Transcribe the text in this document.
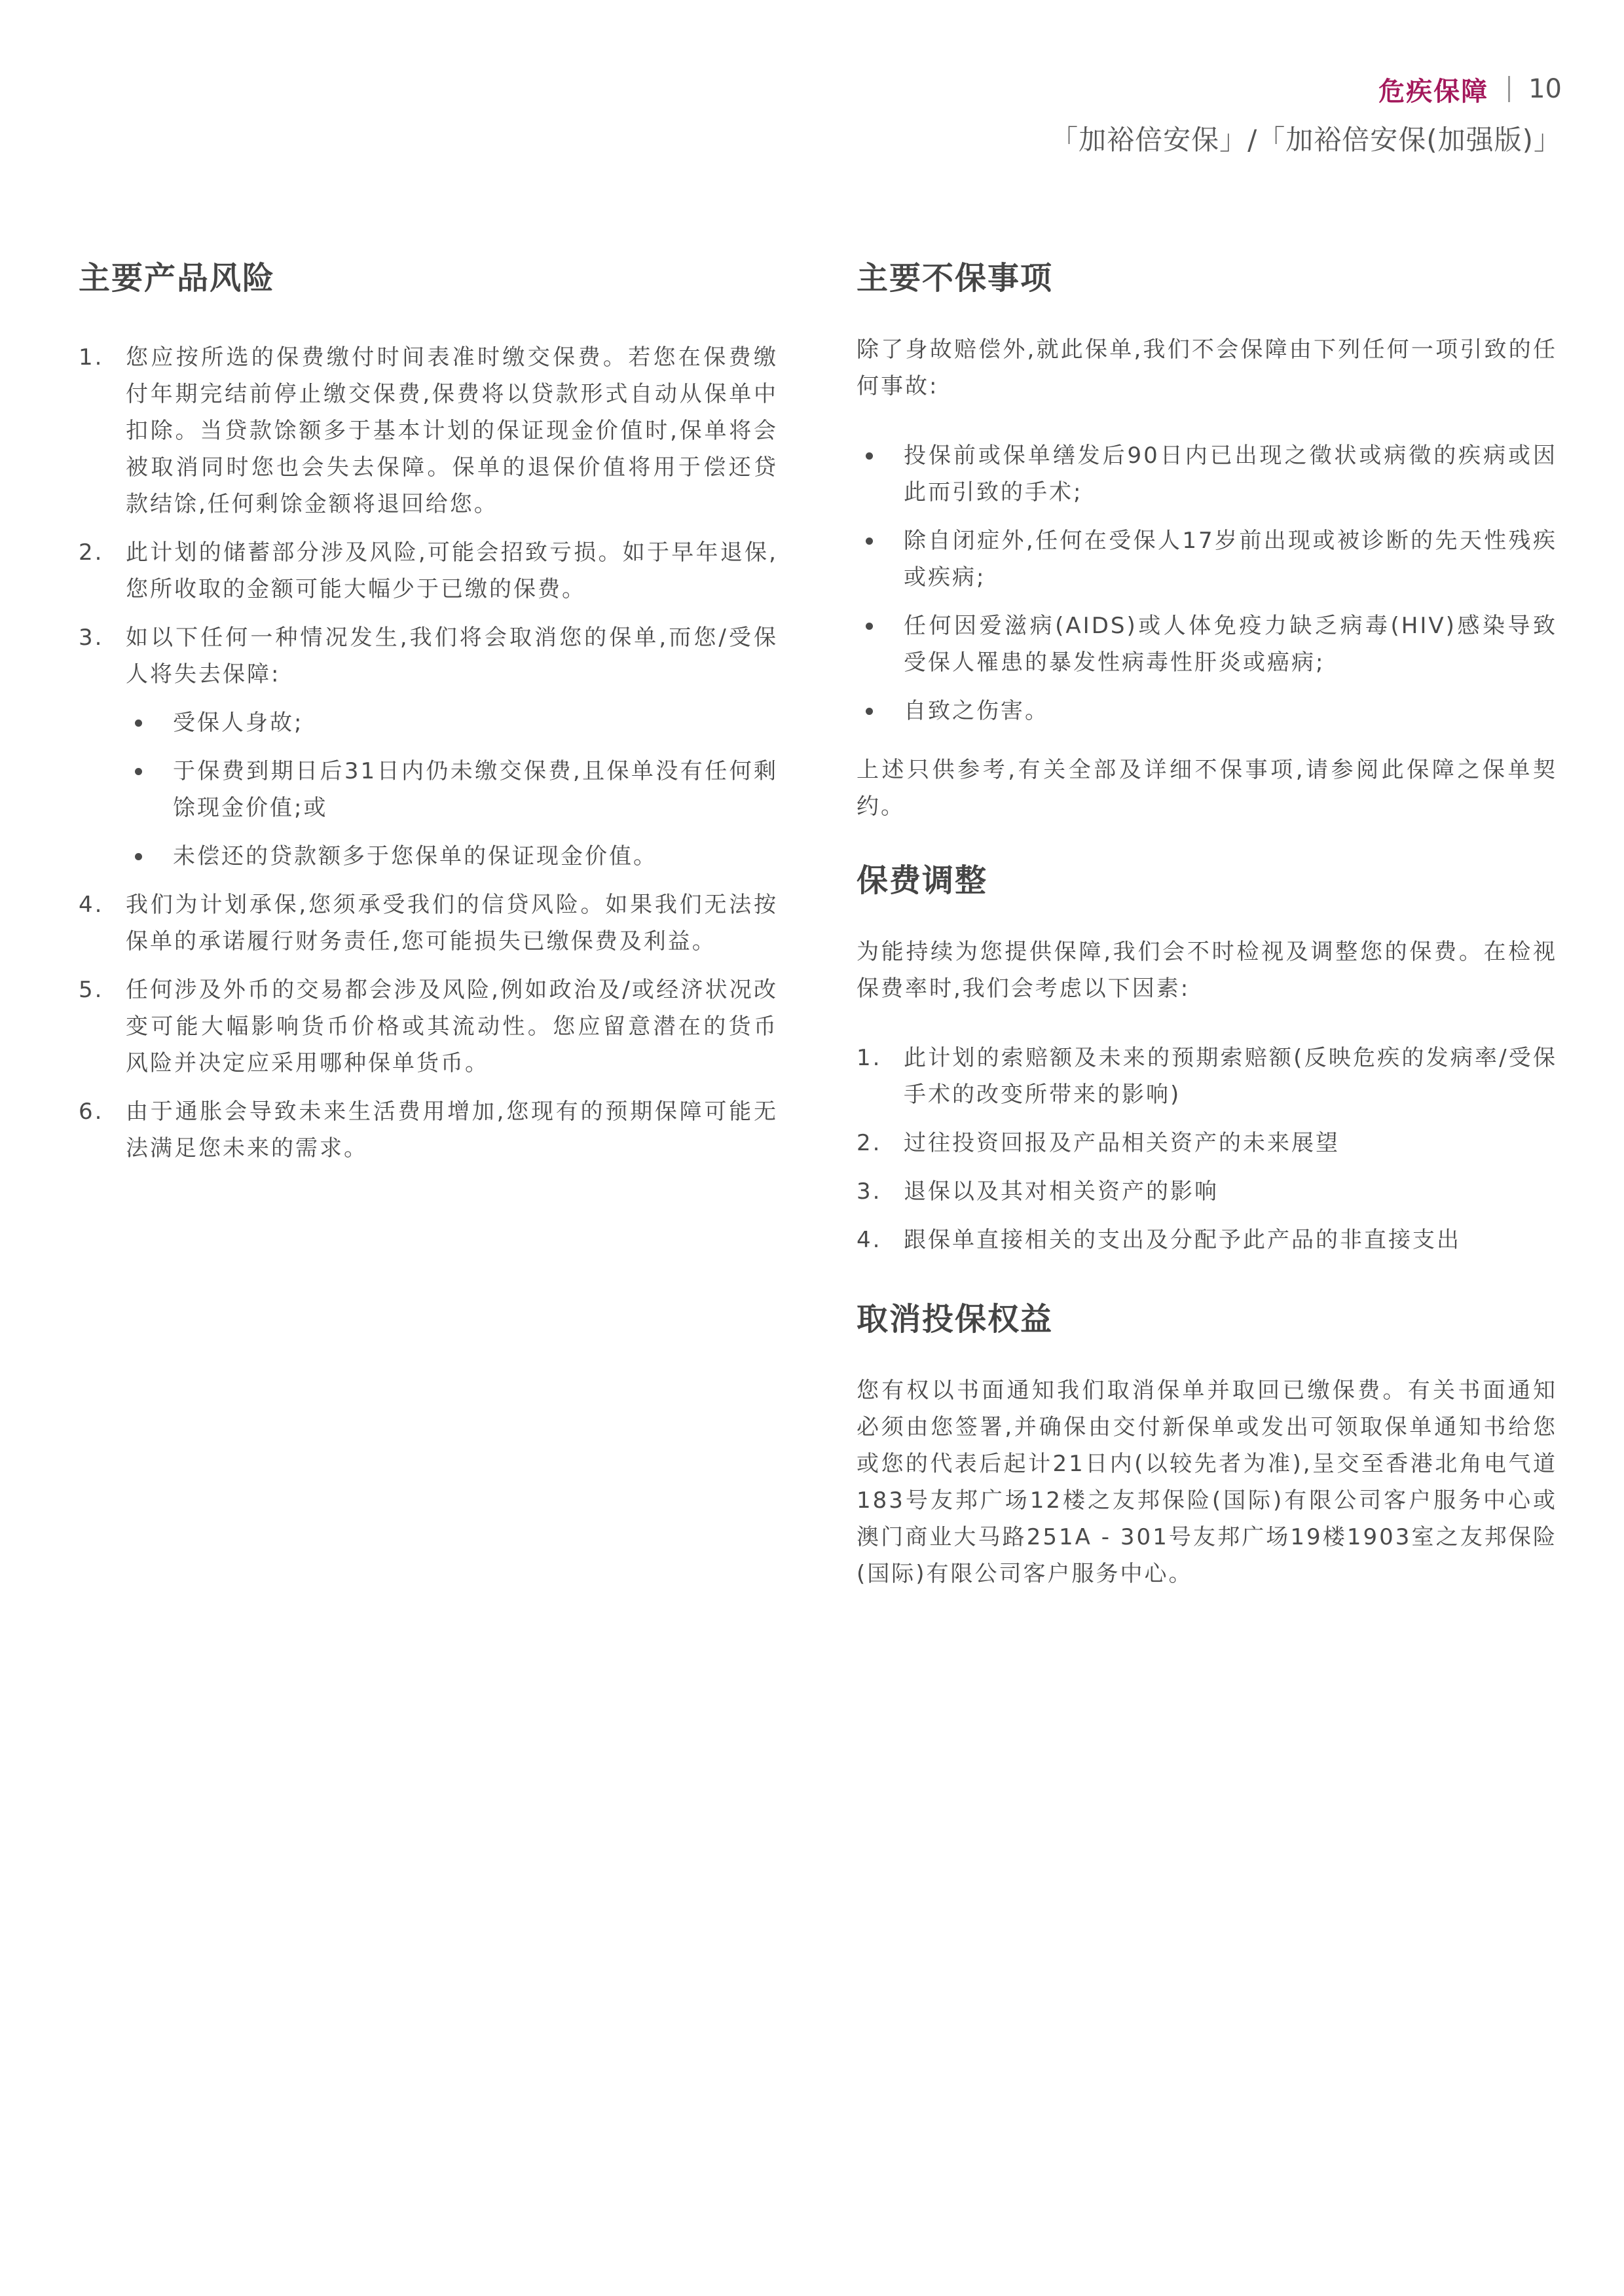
危疾保障 10
「加裕倍安保」/「加裕倍安保(加强版)」
主要产品风险
1. 您应按所选的保费缴付时间表准时缴交保费。若您在保费缴付年期完结前停止缴交保费,保费将以贷款形式自动从保单中扣除。当贷款馀额多于基本计划的保证现金价值时,保单将会被取消同时您也会失去保障。保单的退保价值将用于偿还贷款结馀,任何剩馀金额将退回给您。
2. 此计划的储蓄部分涉及风险,可能会招致亏损。如于早年退保,您所收取的金额可能大幅少于已缴的保费。
3. 如以下任何一种情况发生,我们将会取消您的保单,而您/受保人将失去保障:
受保人身故;
于保费到期日后31日内仍未缴交保费,且保单没有任何剩馀现金价值;或
未偿还的贷款额多于您保单的保证现金价值。
4. 我们为计划承保,您须承受我们的信贷风险。如果我们无法按保单的承诺履行财务责任,您可能损失已缴保费及利益。
5. 任何涉及外币的交易都会涉及风险,例如政治及/或经济状况改变可能大幅影响货币价格或其流动性。您应留意潜在的货币风险并决定应采用哪种保单货币。
6. 由于通胀会导致未来生活费用增加,您现有的预期保障可能无法满足您未来的需求。
主要不保事项

除了身故赔偿外,就此保单,我们不会保障由下列任何一项引致的任何事故:

投保前或保单缮发后90日内已出现之徵状或病徵的疾病或因此而引致的手术;
除自闭症外,任何在受保人17岁前出现或被诊断的先天性残疾或疾病;
任何因爱滋病(AIDS)或人体免疫力缺乏病毒(HIV)感染导致受保人罹患的暴发性病毒性肝炎或癌病;
自致之伤害。

上述只供参考,有关全部及详细不保事项,请参阅此保障之保单契约。

保费调整

为能持续为您提供保障,我们会不时检视及调整您的保费。在检视保费率时,我们会考虑以下因素:

1. 此计划的索赔额及未来的预期索赔额(反映危疾的发病率/受保手术的改变所带来的影响)
2. 过往投资回报及产品相关资产的未来展望
3. 退保以及其对相关资产的影响
4. 跟保单直接相关的支出及分配予此产品的非直接支出
取消投保权益

您有权以书面通知我们取消保单并取回已缴保费。有关书面通知必须由您签署,并确保由交付新保单或发出可领取保单通知书给您或您的代表后起计21日内(以较先者为准),呈交至香港北角电气道183号友邦广场12楼之友邦保险(国际)有限公司客户服务中心或澳门商业大马路251A - 301号友邦广场19楼1903室之友邦保险(国际)有限公司客户服务中心。
